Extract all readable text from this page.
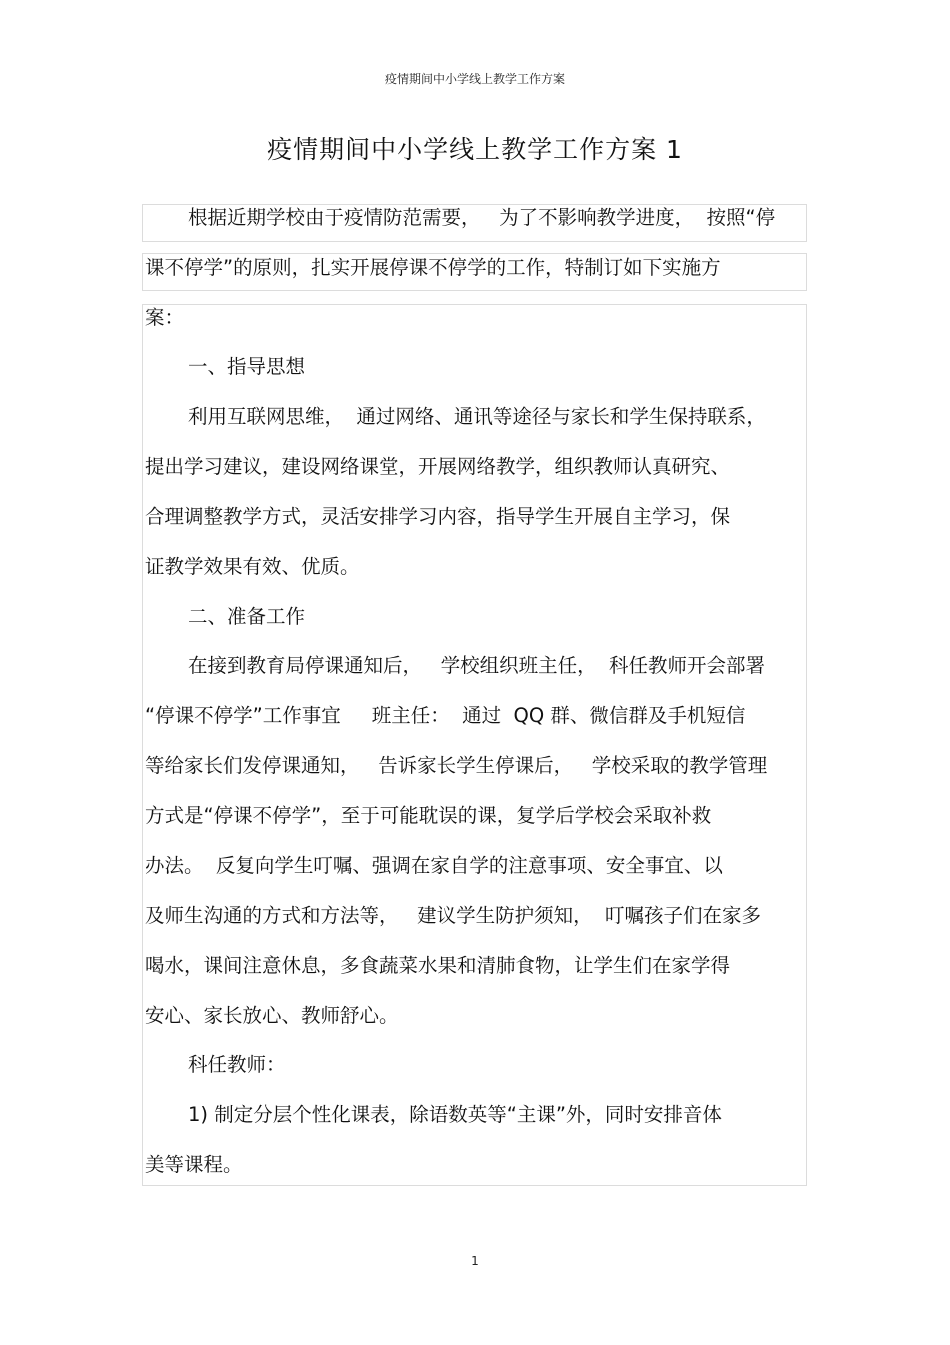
疫情期间中小学线上教学工作方案
疫情期间中小学线上教学工作方案 1
根据近期学校由于疫情防范需要，   为了不影响教学进度，  按照“停
课不停学”的原则，扎实开展停课不停学的工作，特制订如下实施方
案：
一、指导思想
利用互联网思维，  通过网络、通讯等途径与家长和学生保持联系，
提出学习建议，建设网络课堂，开展网络教学，组织教师认真研究、
合理调整教学方式，灵活安排学习内容，指导学生开展自主学习，保
证教学效果有效、优质。
二、准备工作
在接到教育局停课通知后，   学校组织班主任，  科任教师开会部署
“停课不停学”工作事宜     班主任：  通过  QQ 群、微信群及手机短信
等给家长们发停课通知，   告诉家长学生停课后，   学校采取的教学管理
方式是“停课不停学”，至于可能耽误的课，复学后学校会采取补救
办法。  反复向学生叮嘱、强调在家自学的注意事项、安全事宜、以
及师生沟通的方式和方法等，   建议学生防护须知，  叮嘱孩子们在家多
喝水，课间注意休息，多食蔬菜水果和清肺食物，让学生们在家学得
安心、家长放心、教师舒心。
科任教师：
1) 制定分层个性化课表，除语数英等“主课”外，同时安排音体
美等课程。
1
